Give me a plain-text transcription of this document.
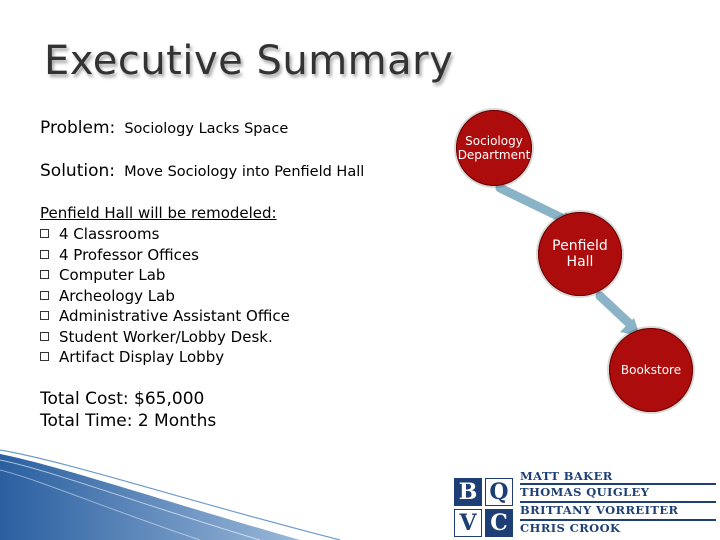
Executive Summary
Problem: Sociology Lacks Space
Solution: Move Sociology into Penfield Hall
Penfield Hall will be remodeled:
4 Classrooms
4 Professor Offices
Computer Lab
Archeology Lab
Administrative Assistant Office
Student Worker/Lobby Desk.
Artifact Display Lobby
Total Cost: $65,000
Total Time: 2 Months
Sociology
Department
Penfield
Hall
Bookstore
B Q
V C
MATT BAKER
THOMAS QUIGLEY
BRITTANY VORREITER
CHRIS CROOK
